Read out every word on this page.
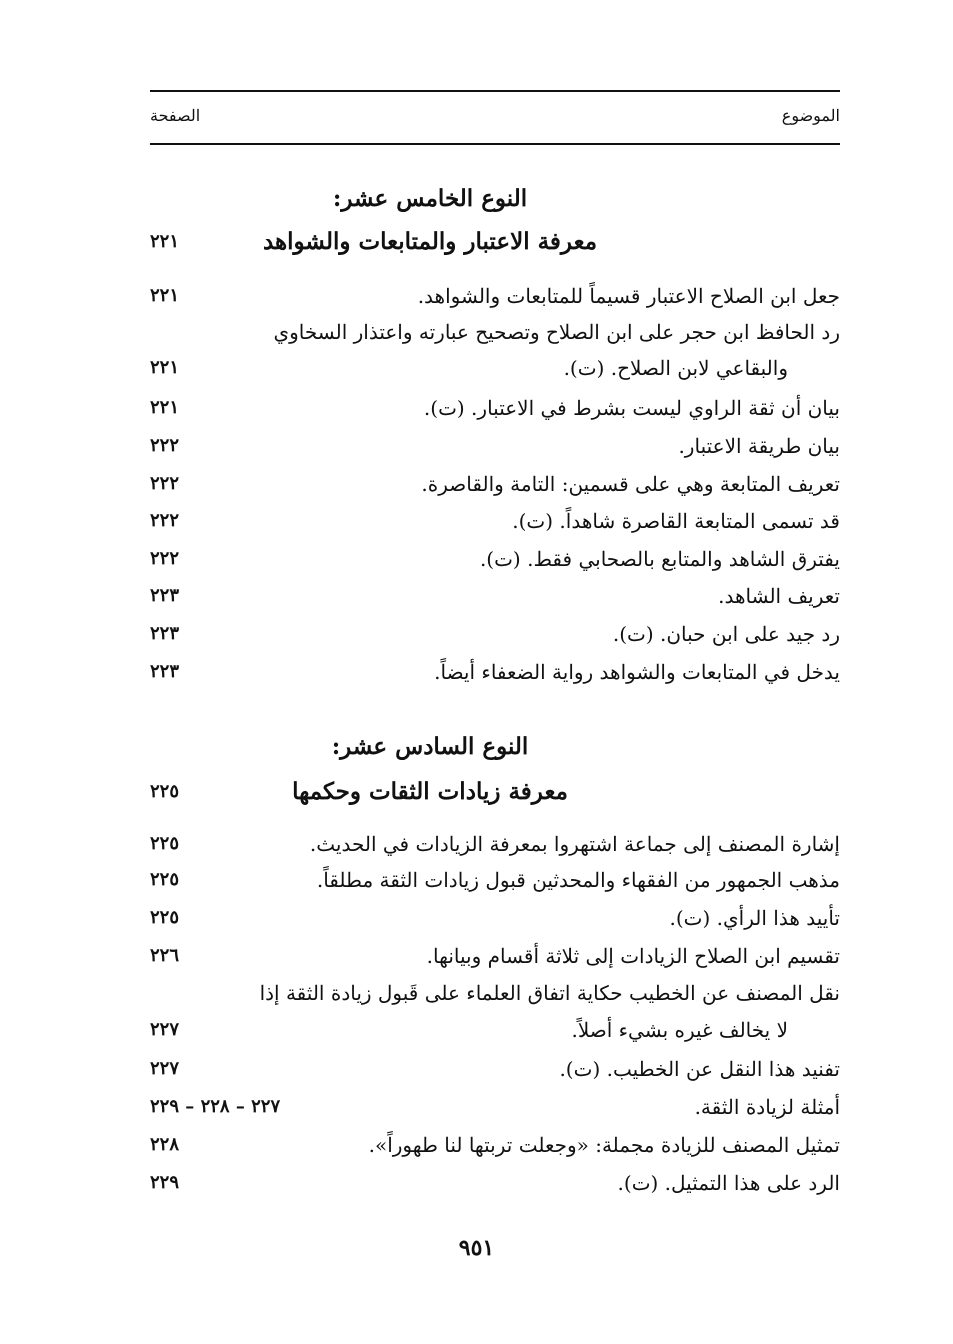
الموضوع
الصفحة
النوع الخامس عشر:
معرفة الاعتبار والمتابعات والشواهد
٢٢١
جعل ابن الصلاح الاعتبار قسيماً للمتابعات والشواهد.
٢٢١
رد الحافظ ابن حجر على ابن الصلاح وتصحيح عبارته واعتذار السخاوي
والبقاعي لابن الصلاح. (ت).
٢٢١
بيان أن ثقة الراوي ليست بشرط في الاعتبار. (ت).
٢٢١
بيان طريقة الاعتبار.
٢٢٢
تعريف المتابعة وهي على قسمين: التامة والقاصرة.
٢٢٢
قد تسمى المتابعة القاصرة شاهداً. (ت).
٢٢٢
يفترق الشاهد والمتابع بالصحابي فقط. (ت).
٢٢٢
تعريف الشاهد.
٢٢٣
رد جيد على ابن حبان. (ت).
٢٢٣
يدخل في المتابعات والشواهد رواية الضعفاء أيضاً.
٢٢٣
النوع السادس عشر:
معرفة زيادات الثقات وحكمها
٢٢٥
إشارة المصنف إلى جماعة اشتهروا بمعرفة الزيادات في الحديث.
٢٢٥
مذهب الجمهور من الفقهاء والمحدثين قبول زيادات الثقة مطلقاً.
٢٢٥
تأييد هذا الرأي. (ت).
٢٢٥
تقسيم ابن الصلاح الزيادات إلى ثلاثة أقسام وبيانها.
٢٢٦
نقل المصنف عن الخطيب حكاية اتفاق العلماء على قَبول زيادة الثقة إذا
لا يخالف غيره بشيء أصلاً.
٢٢٧
تفنيد هذا النقل عن الخطيب. (ت).
٢٢٧
أمثلة لزيادة الثقة.
٢٢٧ – ٢٢٨ – ٢٢٩
تمثيل المصنف للزيادة مجملة: «وجعلت تربتها لنا طهوراً».
٢٢٨
الرد على هذا التمثيل. (ت).
٢٢٩
٩٥١
